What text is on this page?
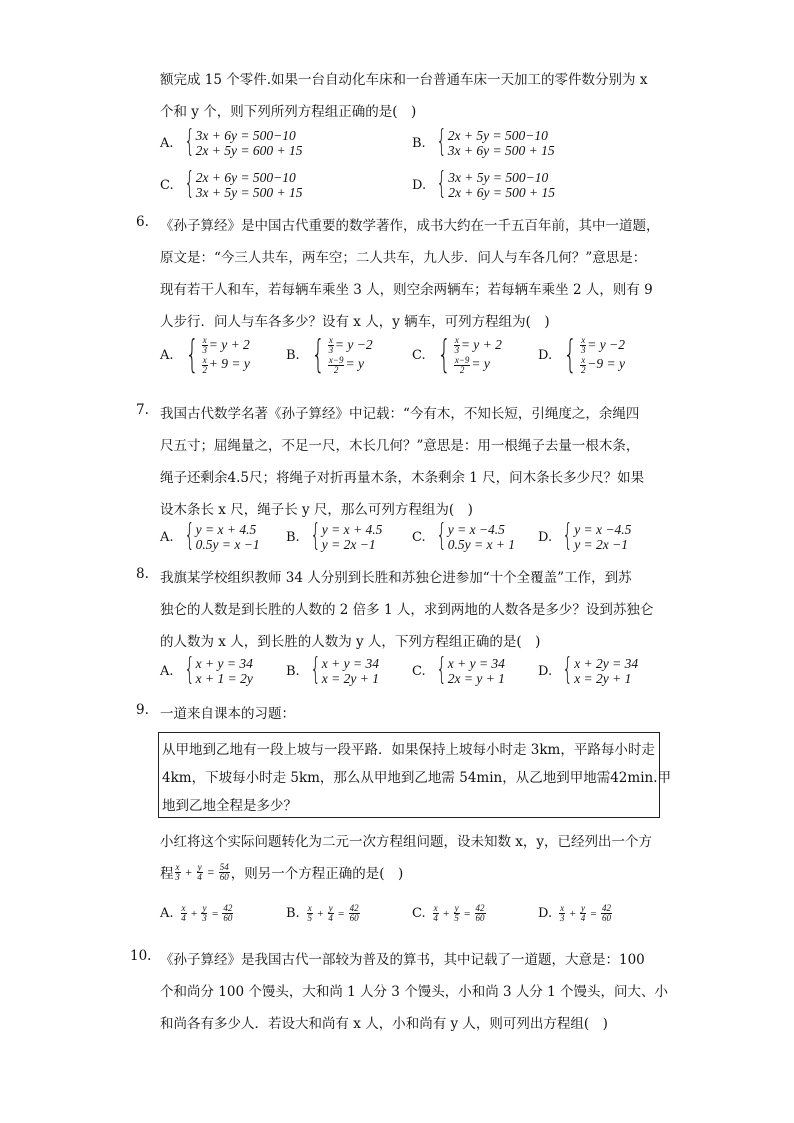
额完成 15 个零件.如果一台自动化车床和一台普通车床一天加工的零件数分别为 x
个和 y 个，则下列所列方程组正确的是(　)
A. { 3x + 6y = 500−10
2x + 5y = 600 + 15	B. { 2x + 5y = 500−10
3x + 6y = 500 + 15
C. { 2x + 6y = 500−10
3x + 5y = 500 + 15	D. { 3x + 5y = 500−10
2x + 6y = 500 + 15
6. 《孙子算经》是中国古代重要的数学著作，成书大约在一千五百年前，其中一道题，
原文是：“今三人共车，两车空；二人共车，九人步．问人与车各几何？”意思是：
现有若干人和车，若每辆车乘坐 3 人，则空余两辆车；若每辆车乘坐 2 人，则有 9
人步行．问人与车各多少？设有 x 人，y 辆车，可列方程组为(　)
A. { $\frac{x}{3} = y + 2$
$\frac{x}{2} + 9 = y$
B. { $\frac{x}{3} = y -2$
$\frac{x-9}{2} = y$
C. { $\frac{x}{3} = y + 2$
$\frac{x-9}{2} = y$
D. { $\frac{x}{3} = y -2$
$\frac{x}{2} -9 = y$
7. 我国古代数学名著《孙子算经》中记载：“今有木，不知长短，引绳度之，余绳四
尺五寸；屈绳量之，不足一尺，木长几何？”意思是：用一根绳子去量一根木条，
绳子还剩余4.5尺；将绳子对折再量木条，木条剩余 1 尺，问木条长多少尺？如果
设木条长 x 尺，绳子长 y 尺，那么可列方程组为(　)
A. { y = x + 4.5
0.5y = x −1 B. { y = x + 4.5
y = 2x −1	C. { y = x −4.5
0.5y = x + 1 D. { y = x −4.5
y = 2x −1
8. 我旗某学校组织教师 34 人分别到长胜和苏独仑进参加“十个全覆盖”工作，到苏
独仑的人数是到长胜的人数的 2 倍多 1 人，求到两地的人数各是多少？设到苏独仑
的人数为 x 人，到长胜的人数为 y 人，下列方程组正确的是(　)
A. { x + y = 34
x + 1 = 2y	B. { x + y = 34
x = 2y + 1	C. { x + y = 34
2x = y + 1	D. { x + 2y = 34
x = 2y + 1
9. 一道来自课本的习题：
从甲地到乙地有一段上坡与一段平路．如果保持上坡每小时走 3km，平路每小时走
4km，下坡每小时走 5km，那么从甲地到乙地需 54min，从乙地到甲地需42min.甲
地到乙地全程是多少？
小红将这个实际问题转化为二元一次方程组问题，设未知数 x，y，已经列出一个方
程 $\frac{x}{3} + \frac{y}{4} = \frac{54}{60}$ ，则另一个方程正确的是(　)
A. $\frac{x}{4} + \frac{y}{3} = \frac{42}{60}$	B. $\frac{x}{5} + \frac{y}{4} = \frac{42}{60}$	C. $\frac{x}{4} + \frac{y}{5} = \frac{42}{60}$	D. $\frac{x}{3} + \frac{y}{4} = \frac{42}{60}$
10. 《孙子算经》是我国古代一部较为普及的算书，其中记载了一道题，大意是：100
个和尚分 100 个馒头，大和尚 1 人分 3 个馒头，小和尚 3 人分 1 个馒头，问大、小
和尚各有多少人．若设大和尚有 x 人，小和尚有 y 人，则可列出方程组(　)
